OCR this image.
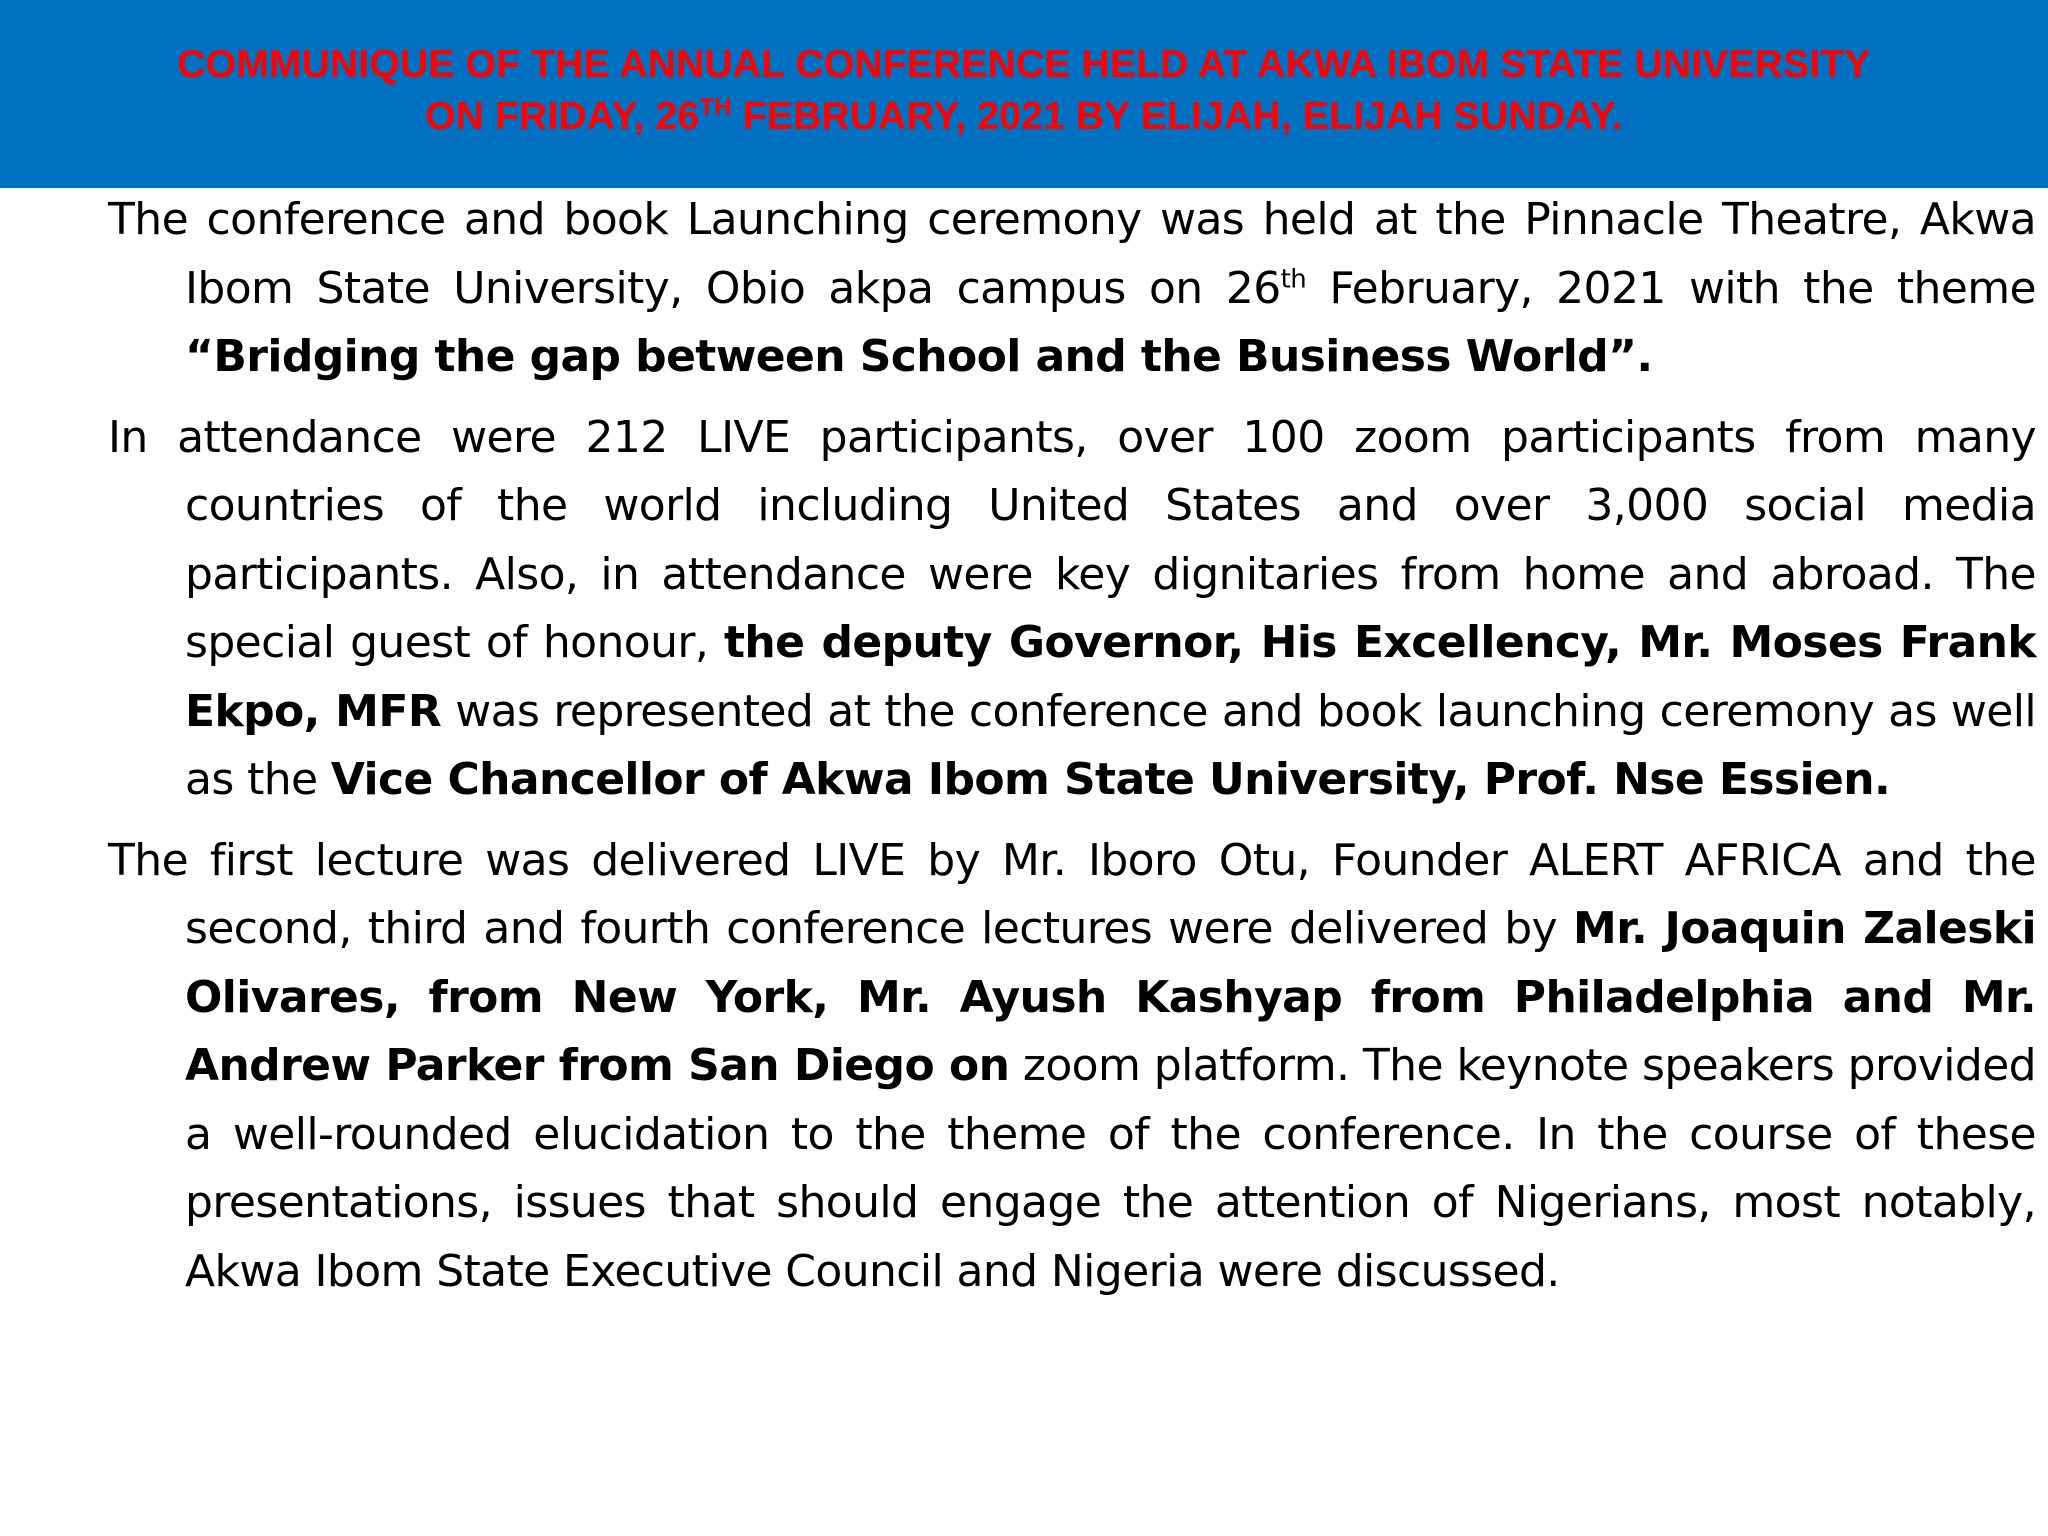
COMMUNIQUE OF THE ANNUAL CONFERENCE HELD AT AKWA IBOM STATE UNIVERSITY
ON FRIDAY, 26TH FEBRUARY, 2021 BY ELIJAH, ELIJAH SUNDAY.

The conference and book Launching ceremony was held at the Pinnacle Theatre, Akwa Ibom State University, Obio akpa campus on 26th February, 2021 with the theme “Bridging the gap between School and the Business World”.

In attendance were 212 LIVE participants, over 100 zoom participants from many countries of the world including United States and over 3,000 social media participants. Also, in attendance were key dignitaries from home and abroad. The special guest of honour, the deputy Governor, His Excellency, Mr. Moses Frank Ekpo, MFR was represented at the conference and book launching ceremony as well as the Vice Chancellor of Akwa Ibom State University, Prof. Nse Essien.

The first lecture was delivered LIVE by Mr. Iboro Otu, Founder ALERT AFRICA and the second, third and fourth conference lectures were delivered by Mr. Joaquin Zaleski Olivares, from New York, Mr. Ayush Kashyap from Philadelphia and Mr. Andrew Parker from San Diego on zoom platform. The keynote speakers provided a well-rounded elucidation to the theme of the conference. In the course of these presentations, issues that should engage the attention of Nigerians, most notably, Akwa Ibom State Executive Council and Nigeria were discussed.
